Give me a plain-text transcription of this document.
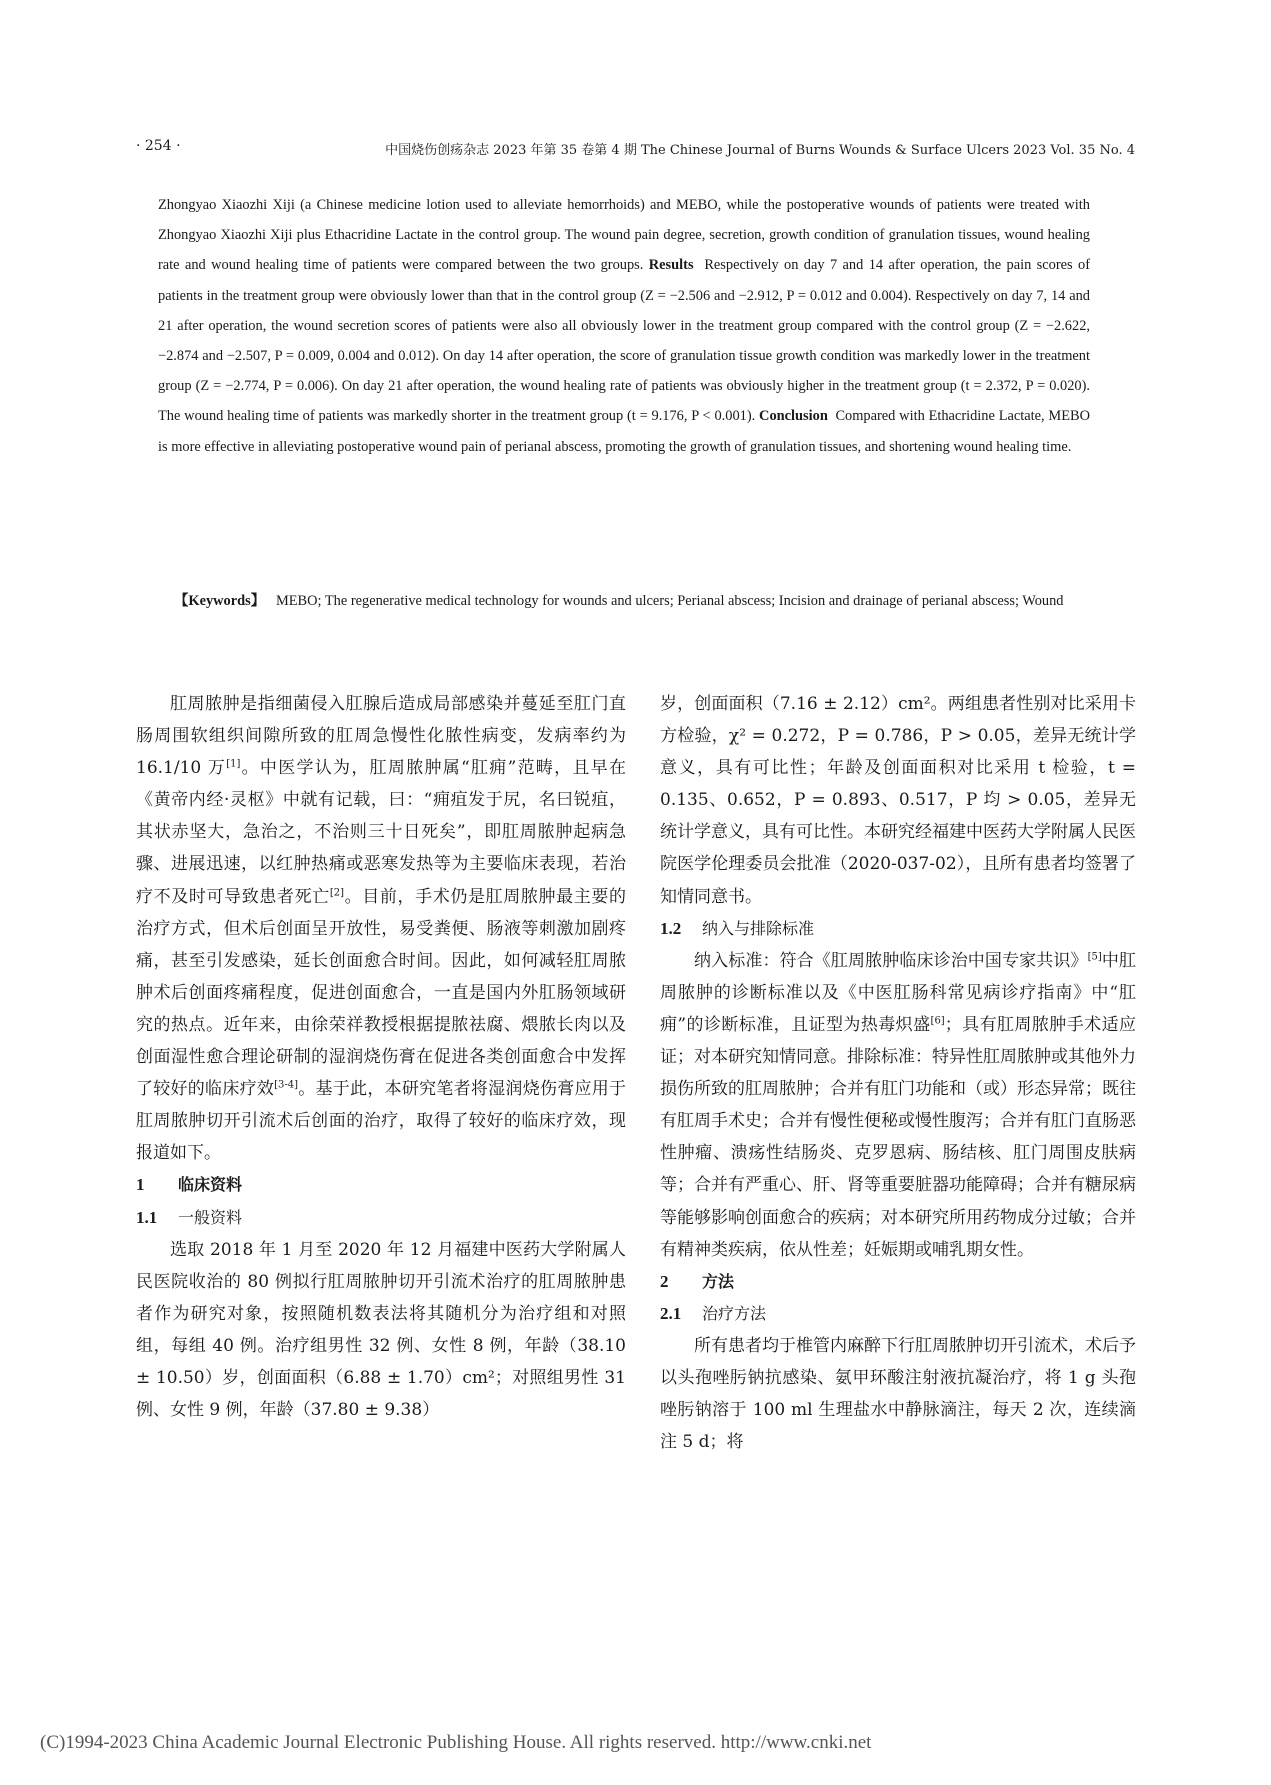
· 254 ·	中国烧伤创疡杂志 2023 年第 35 卷第 4 期 The Chinese Journal of Burns Wounds & Surface Ulcers 2023 Vol. 35 No. 4
Zhongyao Xiaozhi Xiji (a Chinese medicine lotion used to alleviate hemorrhoids) and MEBO, while the postoperative wounds of patients were treated with Zhongyao Xiaozhi Xiji plus Ethacridine Lactate in the control group. The wound pain degree, secretion, growth condition of granulation tissues, wound healing rate and wound healing time of patients were compared between the two groups. Results Respectively on day 7 and 14 after operation, the pain scores of patients in the treatment group were obviously lower than that in the control group (Z = −2.506 and −2.912, P = 0.012 and 0.004). Respectively on day 7, 14 and 21 after operation, the wound secretion scores of patients were also all obviously lower in the treatment group compared with the control group (Z = −2.622, −2.874 and −2.507, P = 0.009, 0.004 and 0.012). On day 14 after operation, the score of granulation tissue growth condition was markedly lower in the treatment group (Z = −2.774, P = 0.006). On day 21 after operation, the wound healing rate of patients was obviously higher in the treatment group (t = 2.372, P = 0.020). The wound healing time of patients was markedly shorter in the treatment group (t = 9.176, P < 0.001). Conclusion Compared with Ethacridine Lactate, MEBO is more effective in alleviating postoperative wound pain of perianal abscess, promoting the growth of granulation tissues, and shortening wound healing time.
【Keywords】 MEBO; The regenerative medical technology for wounds and ulcers; Perianal abscess; Incision and drainage of perianal abscess; Wound

肛周脓肿是指细菌侵入肛腺后造成局部感染并蔓延至肛门直肠周围软组织间隙所致的肛周急慢性化脓性病变，发病率约为 16.1/10 万[1]。中医学认为，肛周脓肿属“肛痈”范畴，且早在《黄帝内经·灵枢》中就有记载，曰：“痈疽发于尻，名曰锐疽，其状赤坚大，急治之，不治则三十日死矣”，即肛周脓肿起病急骤、进展迅速，以红肿热痛或恶寒发热等为主要临床表现，若治疗不及时可导致患者死亡[2]。目前，手术仍是肛周脓肿最主要的治疗方式，但术后创面呈开放性，易受粪便、肠液等刺激加剧疼痛，甚至引发感染，延长创面愈合时间。因此，如何减轻肛周脓肿术后创面疼痛程度，促进创面愈合，一直是国内外肛肠领域研究的热点。近年来，由徐荣祥教授根据提脓祛腐、煨脓长肉以及创面湿性愈合理论研制的湿润烧伤膏在促进各类创面愈合中发挥了较好的临床疗效[3-4]。基于此，本研究笔者将湿润烧伤膏应用于肛周脓肿切开引流术后创面的治疗，取得了较好的临床疗效，现报道如下。

1 临床资料

1.1 一般资料

选取 2018 年 1 月至 2020 年 12 月福建中医药大学附属人民医院收治的 80 例拟行肛周脓肿切开引流术治疗的肛周脓肿患者作为研究对象，按照随机数表法将其随机分为治疗组和对照组，每组 40 例。治疗组男性 32 例、女性 8 例，年龄（38.10 ± 10.50）岁，创面面积（6.88 ± 1.70）cm²；对照组男性 31 例、女性 9 例，年龄（37.80 ± 9.38）

岁，创面面积（7.16 ± 2.12）cm²。两组患者性别对比采用卡方检验，χ² = 0.272，P = 0.786，P > 0.05，差异无统计学意义，具有可比性；年龄及创面面积对比采用 t 检验，t = 0.135、0.652，P = 0.893、0.517，P 均 > 0.05，差异无统计学意义，具有可比性。本研究经福建中医药大学附属人民医院医学伦理委员会批准（2020-037-02），且所有患者均签署了知情同意书。

1.2 纳入与排除标准

纳入标准：符合《肛周脓肿临床诊治中国专家共识》[5]中肛周脓肿的诊断标准以及《中医肛肠科常见病诊疗指南》中“肛痈”的诊断标准，且证型为热毒炽盛[6]；具有肛周脓肿手术适应证；对本研究知情同意。排除标准：特异性肛周脓肿或其他外力损伤所致的肛周脓肿；合并有肛门功能和（或）形态异常；既往有肛周手术史；合并有慢性便秘或慢性腹泻；合并有肛门直肠恶性肿瘤、溃疡性结肠炎、克罗恩病、肠结核、肛门周围皮肤病等；合并有严重心、肝、肾等重要脏器功能障碍；合并有糖尿病等能够影响创面愈合的疾病；对本研究所用药物成分过敏；合并有精神类疾病，依从性差；妊娠期或哺乳期女性。

2 方法

2.1 治疗方法

所有患者均于椎管内麻醉下行肛周脓肿切开引流术，术后予以头孢唑肟钠抗感染、氨甲环酸注射液抗凝治疗，将 1 g 头孢唑肟钠溶于 100 ml 生理盐水中静脉滴注，每天 2 次，连续滴注 5 d；将

(C)1994-2023 China Academic Journal Electronic Publishing House. All rights reserved. http://www.cnki.net
